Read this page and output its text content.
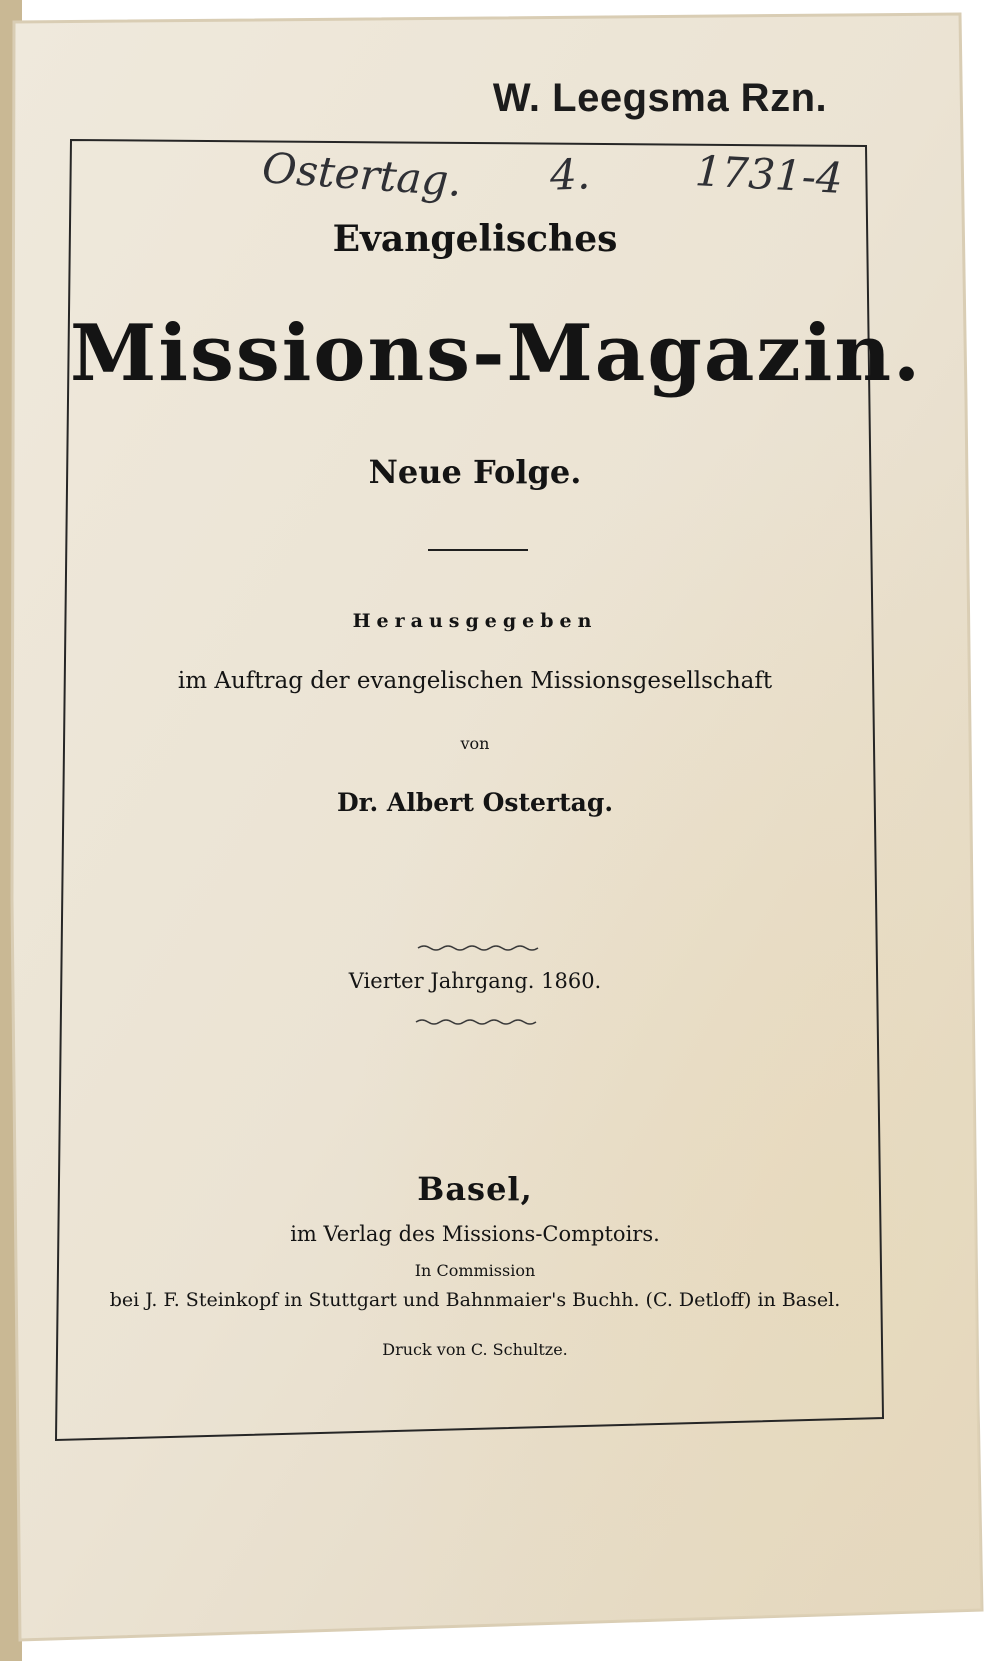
W. Leegsma Rzn.
Ostertag. 4. 1731-4
Evangelisches
Missions-Magazin.
Neue Folge.
Herausgegeben
im Auftrag der evangelischen Missionsgesellschaft
von
Dr. Albert Ostertag.
Vierter Jahrgang. 1860.
Basel,
im Verlag des Missions-Comptoirs.
In Commission
bei J. F. Steinkopf in Stuttgart und Bahnmaier's Buchh. (C. Detloff) in Basel.
Druck von C. Schultze.
